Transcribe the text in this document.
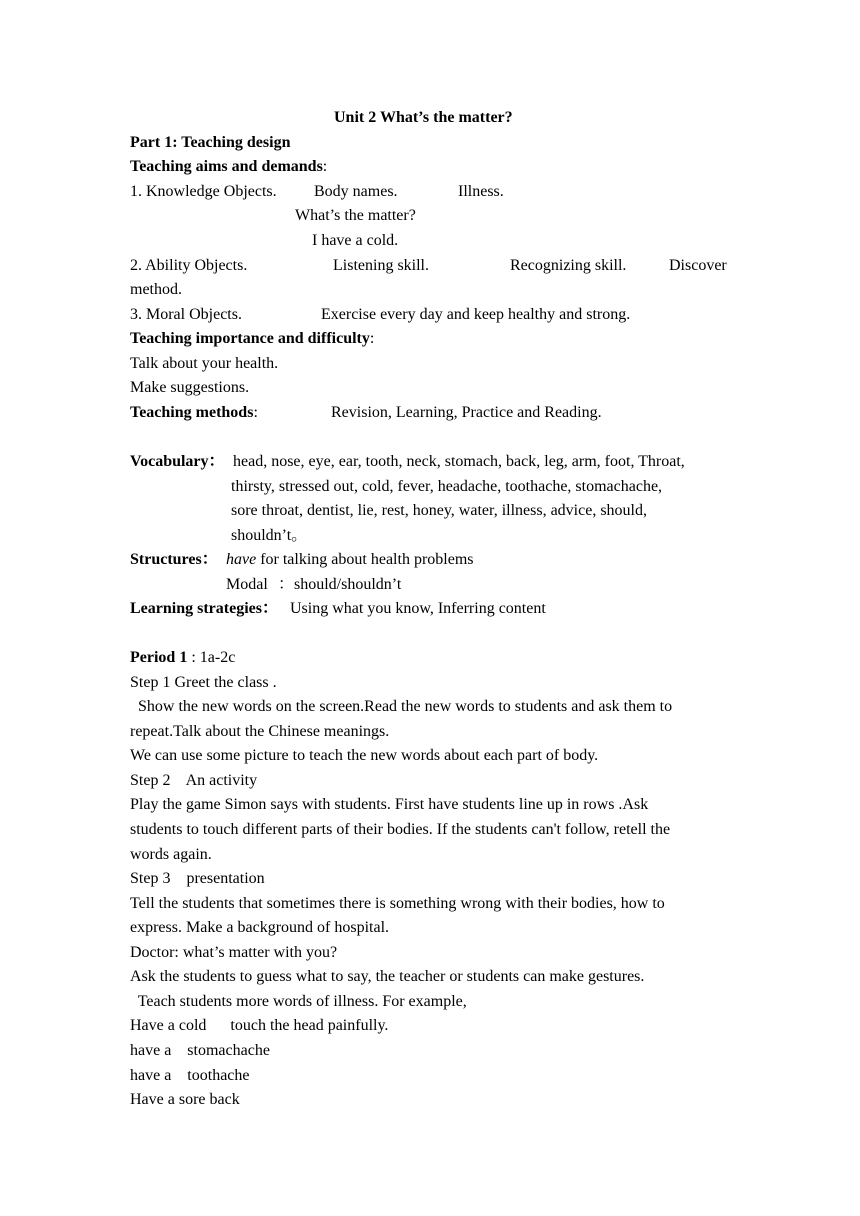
Unit 2 What’s the matter?
Part 1: Teaching design
Teaching aims and demands:
1. Knowledge Objects. Body names.	Illness.
What’s the matter?
I have a cold.
2. Ability Objects.	Listening skill.	Recognizing skill.	Discover
method.
3. Moral Objects.	Exercise every day and keep healthy and strong.
Teaching importance and difficulty:
Talk about your health.
Make suggestions.
Teaching methods:	Revision, Learning, Practice and Reading.
Vocabulary： head, nose, eye, ear, tooth, neck, stomach, back, leg, arm, foot, Throat,
thirsty, stressed out, cold, fever, headache, toothache, stomachache,
sore throat, dentist, lie, rest, honey, water, illness, advice, should,
shouldn’t。
Structures： have for talking about health problems
Modal ：should/shouldn’t
Learning strategies： Using what you know, Inferring content
Period 1 : 1a-2c
Step 1 Greet the class .
Show the new words on the screen.Read the new words to students and ask them to
repeat.Talk about the Chinese meanings.
We can use some picture to teach the new words about each part of body.
Step 2    An activity
Play the game Simon says with students. First have students line up in rows .Ask
students to touch different parts of their bodies. If the students can't follow, retell the
words again.
Step 3    presentation
Tell the students that sometimes there is something wrong with their bodies, how to
express. Make a background of hospital.
Doctor: what’s matter with you?
Ask the students to guess what to say, the teacher or students can make gestures.
Teach students more words of illness. For example,
Have a cold      touch the head painfully.
have a    stomachache
have a    toothache
Have a sore back
